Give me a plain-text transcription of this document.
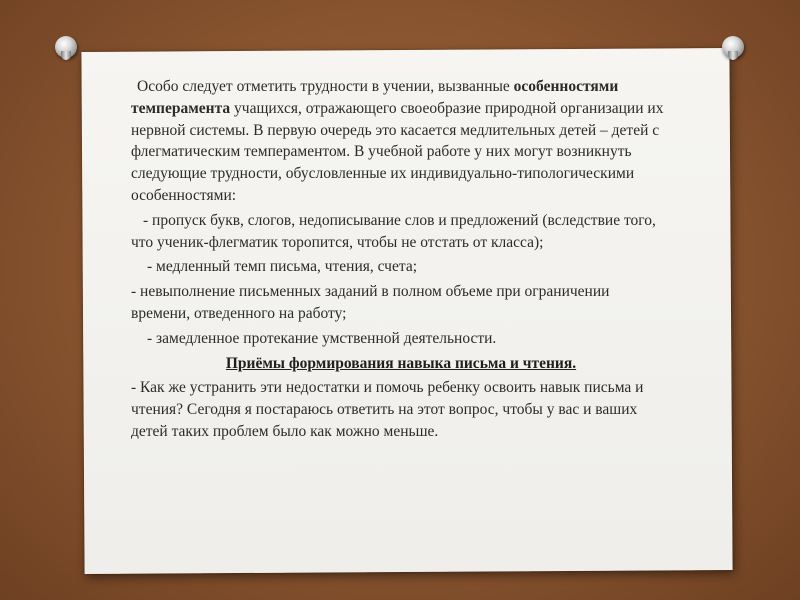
Особо следует отметить трудности в учении, вызванные особенностями темперамента учащихся, отражающего своеобразие природной организации их нервной системы. В первую очередь это касается медлительных детей – детей с флегматическим темпераментом. В учебной работе у них могут возникнуть следующие трудности, обусловленные их индивидуально-типологическими особенностями:

- пропуск букв, слогов, недописывание слов и предложений (вследствие того, что ученик-флегматик торопится, чтобы не отстать от класса);

- медленный темп письма, чтения, счета;

- невыполнение письменных заданий в полном объеме при ограничении времени, отведенного на работу;

- замедленное протекание умственной деятельности.

Приёмы формирования навыка письма и чтения.

- Как же устранить эти недостатки и помочь ребенку освоить навык письма и чтения? Сегодня я постараюсь ответить на этот вопрос, чтобы у вас и ваших детей таких проблем было как можно меньше.
